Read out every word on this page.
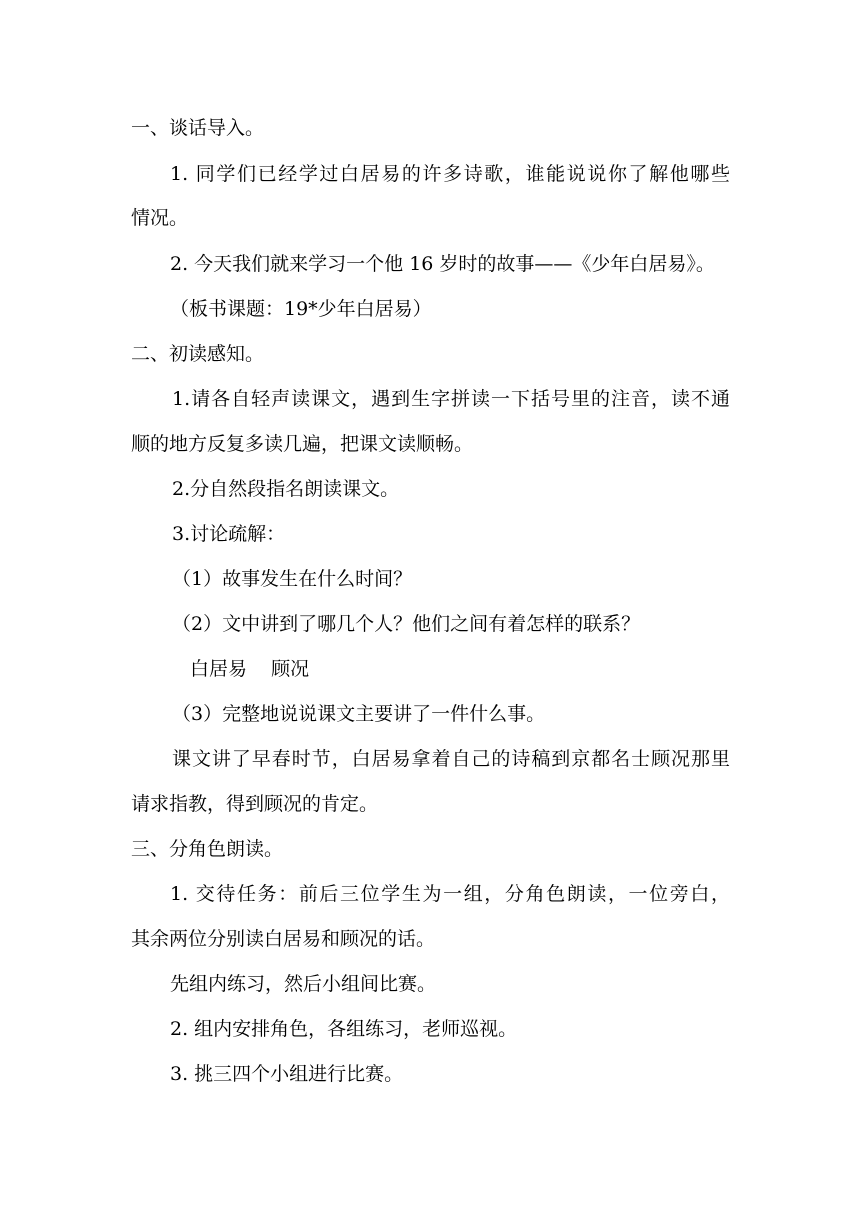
一、谈话导入。
1. 同学们已经学过白居易的许多诗歌，谁能说说你了解他哪些
情况。
2. 今天我们就来学习一个他 16 岁时的故事——《少年白居易》。
（板书课题：19*少年白居易）
二、初读感知。
1.请各自轻声读课文，遇到生字拼读一下括号里的注音，读不通
顺的地方反复多读几遍，把课文读顺畅。
2.分自然段指名朗读课文。
3.讨论疏解：
（1）故事发生在什么时间？
（2）文中讲到了哪几个人？他们之间有着怎样的联系？
白居易    顾况
（3）完整地说说课文主要讲了一件什么事。
课文讲了早春时节，白居易拿着自己的诗稿到京都名士顾况那里
请求指教，得到顾况的肯定。
三、分角色朗读。
1. 交待任务：前后三位学生为一组，分角色朗读，一位旁白，
其余两位分别读白居易和顾况的话。
先组内练习，然后小组间比赛。
2. 组内安排角色，各组练习，老师巡视。
3. 挑三四个小组进行比赛。
